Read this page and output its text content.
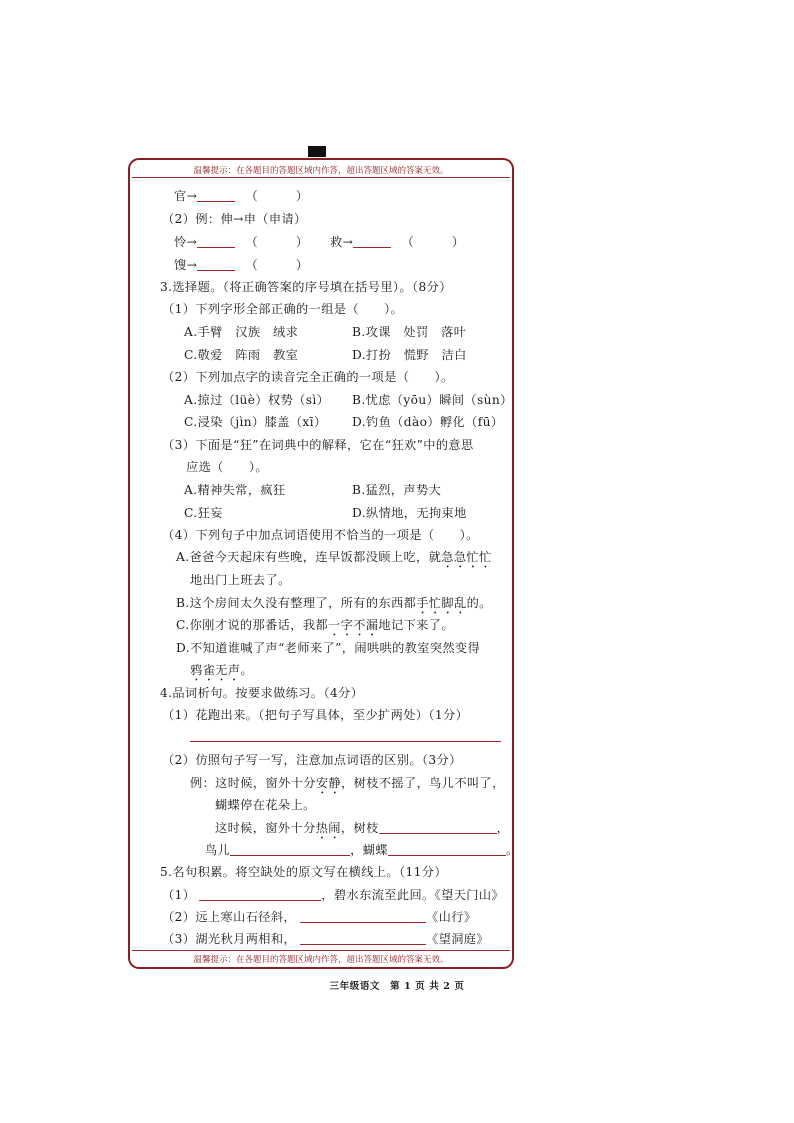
温馨提示：在各题目的答题区域内作答，超出答题区域的答案无效。
官→	（　　　）
（2）例：伸→申（申请）
怜→	（　　　） 救→	（　　　）
馊→	（　　　）
3.选择题。（将正确答案的序号填在括号里）。（8分）
（1）下列字形全部正确的一组是（　　）。
A.手臂　汉族　绒求	B.攻课　处罚　落叶
C.敬爱　阵雨　教室	D.打扮　慌野　洁白
（2）下列加点字的读音完全正确的一项是（　　）。
A.掠过（lüè）权势（sì） B.忧虑（yōu）瞬间（sùn）
C.浸染（jìn）膝盖（xī） D.钓鱼（dào）孵化（fū）
（3）下面是“狂”在词典中的解释，它在“狂欢”中的意思
应选（　　）。
A.精神失常，疯狂	B.猛烈，声势大
C.狂妄	D.纵情地，无拘束地
（4）下列句子中加点词语使用不恰当的一项是（　　）。
A.爸爸今天起床有些晚，连早饭都没顾上吃，就急急忙忙
地出门上班去了。
B.这个房间太久没有整理了，所有的东西都手忙脚乱的。
C.你刚才说的那番话，我都一字不漏地记下来了。
D.不知道谁喊了声“老师来了”，闹哄哄的教室突然变得
鸦雀无声。
4.品词析句。按要求做练习。（4分）
（1）花跑出来。（把句子写具体，至少扩两处）（1分）
（2）仿照句子写一写，注意加点词语的区别。（3分）
例：这时候，窗外十分安静，树枝不摇了，鸟儿不叫了，
蝴蝶停在花朵上。
这时候，窗外十分热闹，树枝	，
鸟儿	，蝴蝶	。
5.名句积累。将空缺处的原文写在横线上。（11分）
（1）	，碧水东流至此回。《望天门山》
（2）远上寒山石径斜，	《山行》
（3）湖光秋月两相和，	《望洞庭》
温馨提示：在各题目的答题区域内作答，超出答题区域的答案无效。
三年级语文　第 1 页 共 2 页
